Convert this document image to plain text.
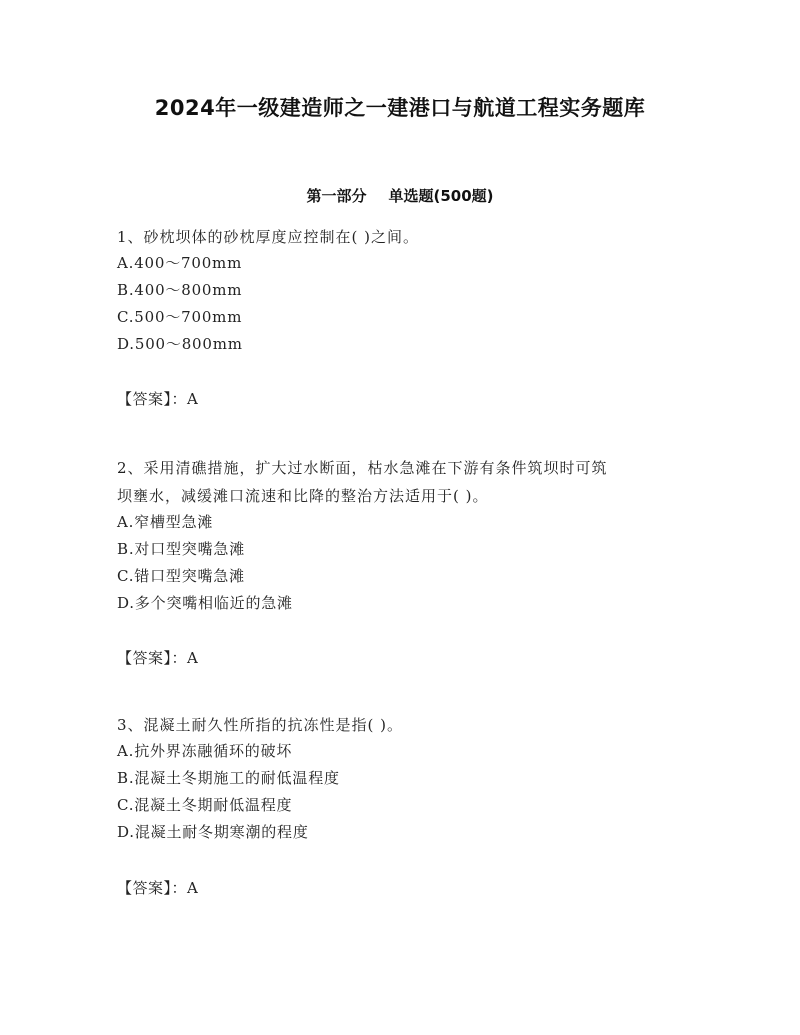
2024年一级建造师之一建港口与航道工程实务题库
第一部分 单选题(500题)

1、砂枕坝体的砂枕厚度应控制在( )之间。

A.400～700mm

B.400～800mm

C.500～700mm

D.500～800mm

【答案】：A

2、采用清礁措施，扩大过水断面，枯水急滩在下游有条件筑坝时可筑

坝壅水，减缓滩口流速和比降的整治方法适用于( )。

A.窄槽型急滩

B.对口型突嘴急滩

C.错口型突嘴急滩

D.多个突嘴相临近的急滩

【答案】：A

3、混凝土耐久性所指的抗冻性是指( )。

A.抗外界冻融循环的破坏

B.混凝土冬期施工的耐低温程度

C.混凝土冬期耐低温程度

D.混凝土耐冬期寒潮的程度

【答案】：A
